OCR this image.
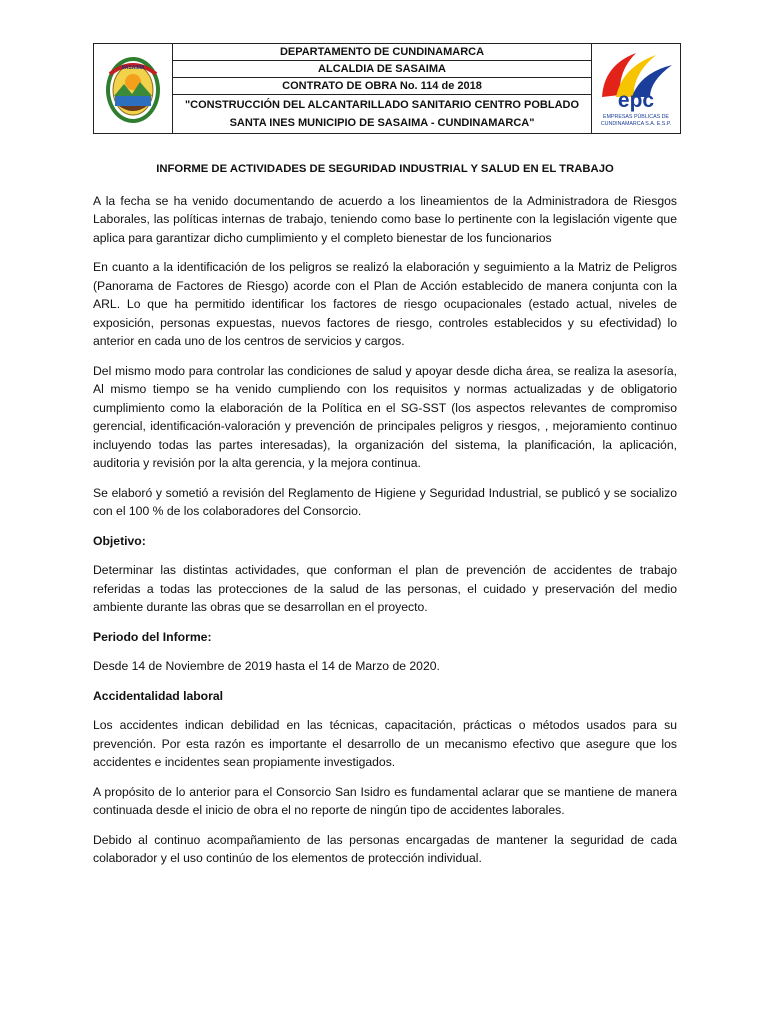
SASAIMA
DEPARTAMENTO DE CUNDINAMARCA
ALCALDIA DE SASAIMA
CONTRATO DE OBRA No. 114 de 2018
"CONSTRUCCIÓN DEL ALCANTARILLADO SANITARIO CENTRO POBLADO
SANTA INES MUNICIPIO DE SASAIMA - CUNDINAMARCA"
epc
EMPRESAS PÚBLICAS DE
CUNDINAMARCA S.A. E.S.P.

INFORME DE ACTIVIDADES DE SEGURIDAD INDUSTRIAL Y SALUD EN EL TRABAJO

A la fecha se ha venido documentando de acuerdo a los lineamientos de la Administradora de Riesgos Laborales, las políticas internas de trabajo, teniendo como base lo pertinente con la legislación vigente que aplica para garantizar dicho cumplimiento y el completo bienestar de los funcionarios

En cuanto a la identificación de los peligros se realizó la elaboración y seguimiento a la Matriz de Peligros (Panorama de Factores de Riesgo) acorde con el Plan de Acción establecido de manera conjunta con la ARL. Lo que ha permitido identificar los factores de riesgo ocupacionales (estado actual, niveles de exposición, personas expuestas, nuevos factores de riesgo, controles establecidos y su efectividad) lo anterior en cada uno de los centros de servicios y cargos.

Del mismo modo para controlar las condiciones de salud y apoyar desde dicha área, se realiza la asesoría, Al mismo tiempo se ha venido cumpliendo con los requisitos y normas actualizadas y de obligatorio cumplimiento como la elaboración de la Política en el SG-SST (los aspectos relevantes de compromiso gerencial, identificación-valoración y prevención de principales peligros y riesgos, , mejoramiento continuo incluyendo todas las partes interesadas), la organización del sistema, la planificación, la aplicación, auditoria y revisión por la alta gerencia, y la mejora continua.

Se elaboró y sometió a revisión del Reglamento de Higiene y Seguridad Industrial, se publicó y se socializo con el 100 % de los colaboradores del Consorcio.

Objetivo:

Determinar las distintas actividades, que conforman el plan de prevención de accidentes de trabajo referidas a todas las protecciones de la salud de las personas, el cuidado y preservación del medio ambiente durante las obras que se desarrollan en el proyecto.

Periodo del Informe:

Desde 14 de Noviembre de 2019 hasta el 14 de Marzo de 2020.

Accidentalidad laboral

Los accidentes indican debilidad en las técnicas, capacitación, prácticas o métodos usados para su prevención. Por esta razón es importante el desarrollo de un mecanismo efectivo que asegure que los accidentes e incidentes sean propiamente investigados.

A propósito de lo anterior para el Consorcio San Isidro es fundamental aclarar que se mantiene de manera continuada desde el inicio de obra el no reporte de ningún tipo de accidentes laborales.

Debido al continuo acompañamiento de las personas encargadas de mantener la seguridad de cada colaborador y el uso continúo de los elementos de protección individual.
